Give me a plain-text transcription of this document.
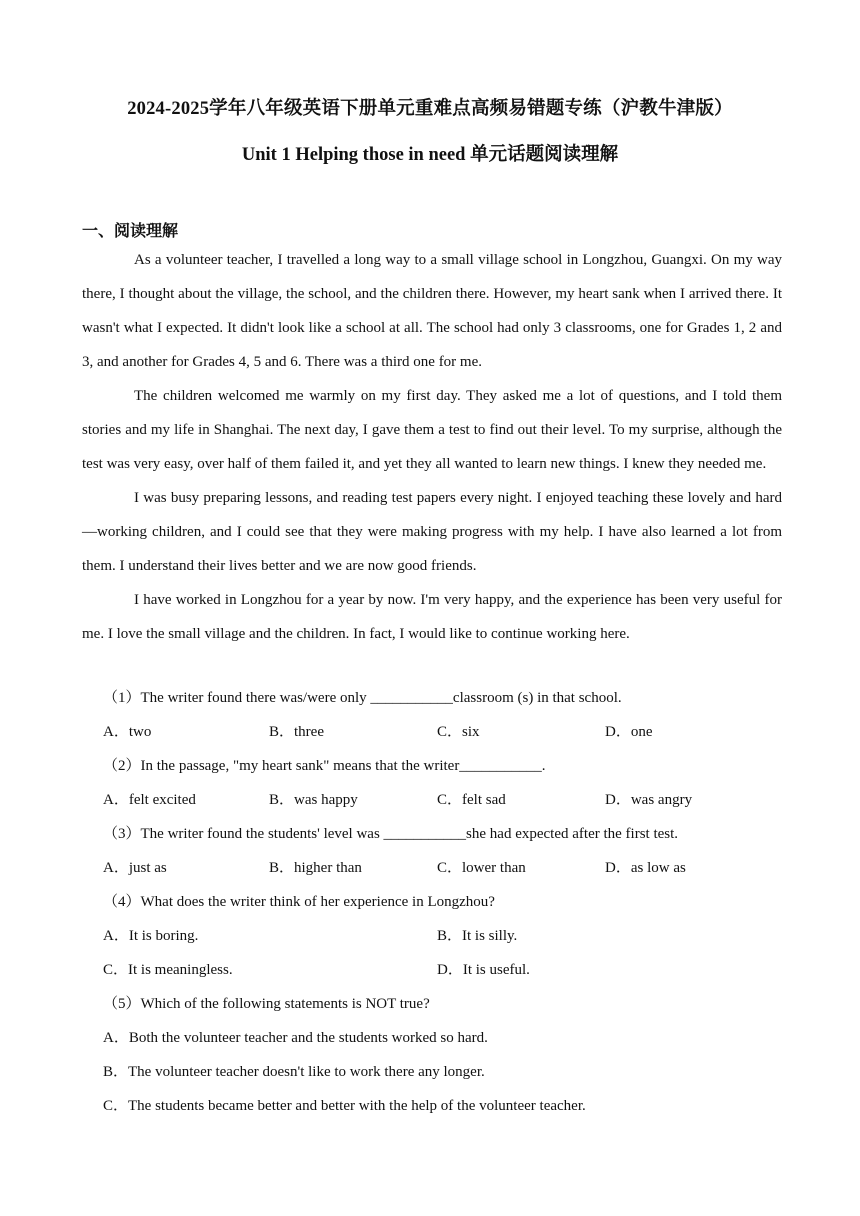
2024-2025学年八年级英语下册单元重难点高频易错题专练（沪教牛津版）
Unit 1 Helping those in need 单元话题阅读理解
一、阅读理解

As a volunteer teacher, I travelled a long way to a small village school in Longzhou, Guangxi. On my way there, I thought about the village, the school, and the children there. However, my heart sank when I arrived there. It wasn't what I expected. It didn't look like a school at all. The school had only 3 classrooms, one for Grades 1, 2 and 3, and another for Grades 4, 5 and 6. There was a third one for me.

The children welcomed me warmly on my first day. They asked me a lot of questions, and I told them stories and my life in Shanghai. The next day, I gave them a test to find out their level. To my surprise, although the test was very easy, over half of them failed it, and yet they all wanted to learn new things. I knew they needed me.

I was busy preparing lessons, and reading test papers every night. I enjoyed teaching these lovely and hard—working children, and I could see that they were making progress with my help. I have also learned a lot from them. I understand their lives better and we are now good friends.

I have worked in Longzhou for a year by now. I'm very happy, and the experience has been very useful for me. I love the small village and the children. In fact, I would like to continue working here.

（1）The writer found there was/were only ___________classroom (s) in that school.
A．two	B．three	C．six	D．one
（2）In the passage, "my heart sank" means that the writer___________.
A．felt excited	B．was happy	C．felt sad	D．was angry
（3）The writer found the students' level was ___________she had expected after the first test.
A．just as	B．higher than	C．lower than	D．as low as
（4）What does the writer think of her experience in Longzhou?
A．It is boring.	B．It is silly.
C．It is meaningless.	D．It is useful.
（5）Which of the following statements is NOT true?
A．Both the volunteer teacher and the students worked so hard.
B．The volunteer teacher doesn't like to work there any longer.
C．The students became better and better with the help of the volunteer teacher.
